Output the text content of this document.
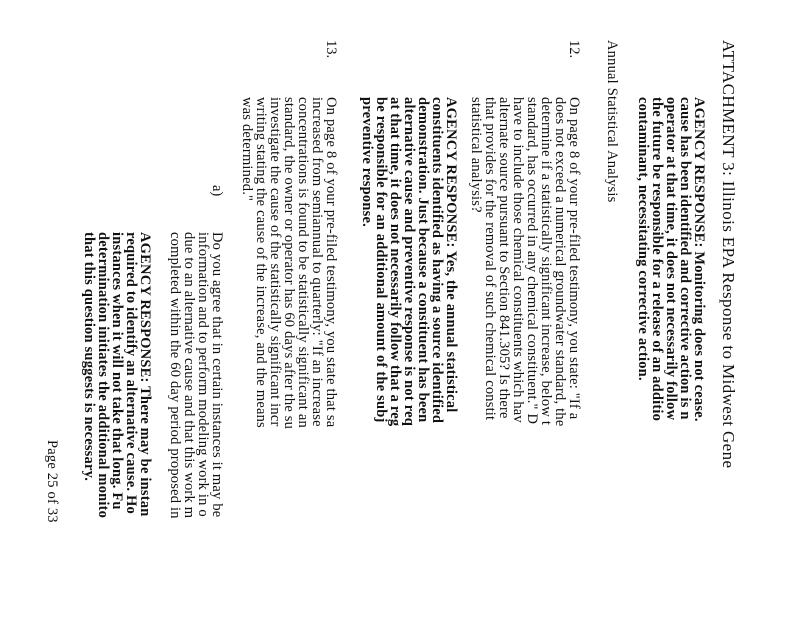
ATTACHMENT 3: Illinois EPA Response to Midwest Gene
AGENCY RESPONSE: Monitoring does not cease.
cause has been identified and corrective action is n
operator at that time, it does not necessarily follow
the future be responsible for a release of an additio
contaminant, necessitating corrective action.
Annual Statistical Analysis
12.
On page 8 of your pre-filed testimony, you state: "If a
does not exceed a numerical groundwater standard, the
determine if a statistically significant increase, below t
standard, has occurred in any chemical constituent." D
have to include those chemical constituents which hav
alternate source pursuant to Section 841.305? Is there
that provides for the removal of such chemical constit
statistical analysis?
AGENCY RESPONSE: Yes, the annual statistical
constituents identified as having a source identified
demonstration. Just because a constituent has been
alternative cause and preventive response is not req
at that time, it does not necessarily follow that a reg
be responsible for an additional amount of the subj
preventive response.
13.
On page 8 of your pre-filed testimony, you state that sa
increased from semiannual to quarterly: "If an increase
concentrations is found to be statistically significant an
standard, the owner or operator has 60 days after the su
investigate the cause of the statistically significant incr
writing stating the cause of the increase, and the means
was determined."
a)
Do you agree that in certain instances it may be
information and to perform modeling work in o
due to an alternative cause and that this work m
completed within the 60 day period proposed in
AGENCY RESPONSE: There may be instan
required to identify an alternative cause. Ho
instances when it will not take that long. Fu
determination initiates the additional monito
that this question suggests is necessary.
Page 25 of 33
